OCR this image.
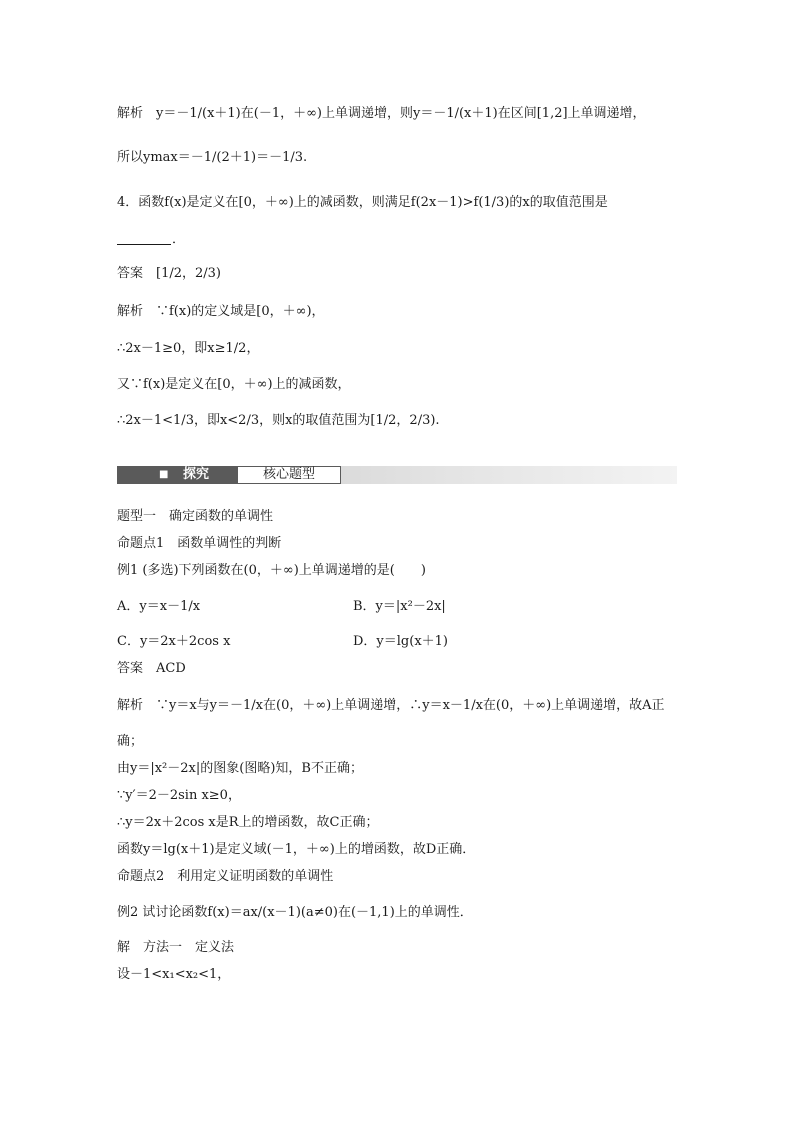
解析　y＝－1/(x＋1)在(－1，＋∞)上单调递增，则y＝－1/(x＋1)在区间[1,2]上单调递增，
所以ymax＝－1/(2＋1)＝－1/3.
4．函数f(x)是定义在[0，＋∞)上的减函数，则满足f(2x－1)>f(1/3)的x的取值范围是
．
答案　[1/2，2/3)
解析　∵f(x)的定义域是[0，＋∞)，
∴2x－1≥0，即x≥1/2，
又∵f(x)是定义在[0，＋∞)上的减函数，
∴2x－1<1/3，即x<2/3，则x的取值范围为[1/2，2/3).
■ 探究	核心题型
题型一　确定函数的单调性
命题点1　函数单调性的判断
例1 (多选)下列函数在(0，＋∞)上单调递增的是(　　)
A．y＝x－1/x	B．y＝|x²－2x|
C．y＝2x＋2cos x	D．y＝lg(x＋1)
答案　ACD
解析　∵y＝x与y＝－1/x在(0，＋∞)上单调递增，∴y＝x－1/x在(0，＋∞)上单调递增，故A正
确；
由y＝|x²－2x|的图象(图略)知，B不正确；
∵y′＝2－2sin x≥0，
∴y＝2x＋2cos x是R上的增函数，故C正确；
函数y＝lg(x＋1)是定义域(－1，＋∞)上的增函数，故D正确．
命题点2　利用定义证明函数的单调性
例2 试讨论函数f(x)＝ax/(x－1)(a≠0)在(－1,1)上的单调性．
解　方法一　定义法
设－1<x₁<x₂<1，
